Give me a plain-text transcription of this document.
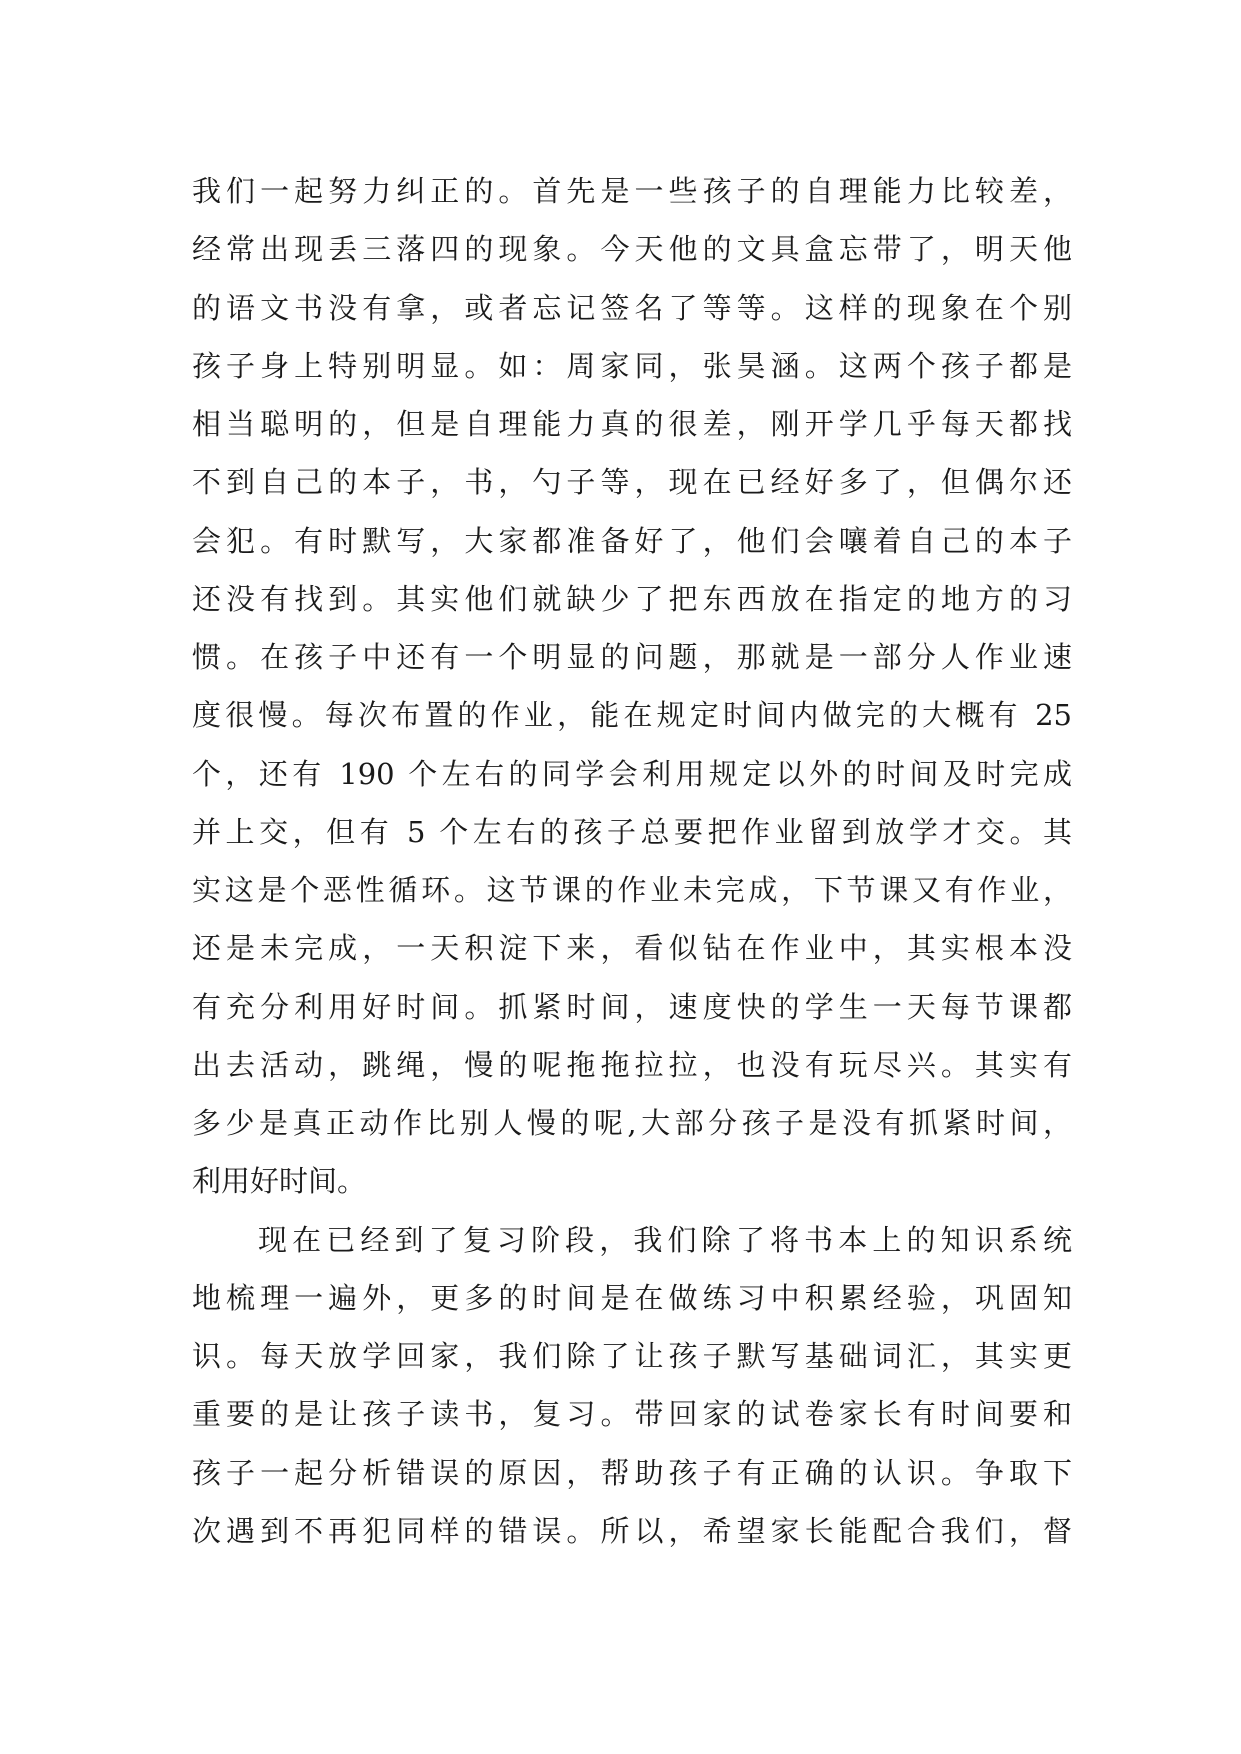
我们一起努力纠正的。首先是一些孩子的自理能力比较差，
经常出现丢三落四的现象。今天他的文具盒忘带了，明天他
的语文书没有拿，或者忘记签名了等等。这样的现象在个别
孩子身上特别明显。如：周家同，张昊涵。这两个孩子都是
相当聪明的，但是自理能力真的很差，刚开学几乎每天都找
不到自己的本子，书，勺子等，现在已经好多了，但偶尔还
会犯。有时默写，大家都准备好了，他们会嚷着自己的本子
还没有找到。其实他们就缺少了把东西放在指定的地方的习
惯。在孩子中还有一个明显的问题，那就是一部分人作业速
度很慢。每次布置的作业，能在规定时间内做完的大概有 25
个，还有 190 个左右的同学会利用规定以外的时间及时完成
并上交，但有 5 个左右的孩子总要把作业留到放学才交。其
实这是个恶性循环。这节课的作业未完成，下节课又有作业，
还是未完成，一天积淀下来，看似钻在作业中，其实根本没
有充分利用好时间。抓紧时间，速度快的学生一天每节课都
出去活动，跳绳，慢的呢拖拖拉拉，也没有玩尽兴。其实有
多少是真正动作比别人慢的呢,大部分孩子是没有抓紧时间，
利用好时间。
现在已经到了复习阶段，我们除了将书本上的知识系统
地梳理一遍外，更多的时间是在做练习中积累经验，巩固知
识。每天放学回家，我们除了让孩子默写基础词汇，其实更
重要的是让孩子读书，复习。带回家的试卷家长有时间要和
孩子一起分析错误的原因，帮助孩子有正确的认识。争取下
次遇到不再犯同样的错误。所以，希望家长能配合我们，督
